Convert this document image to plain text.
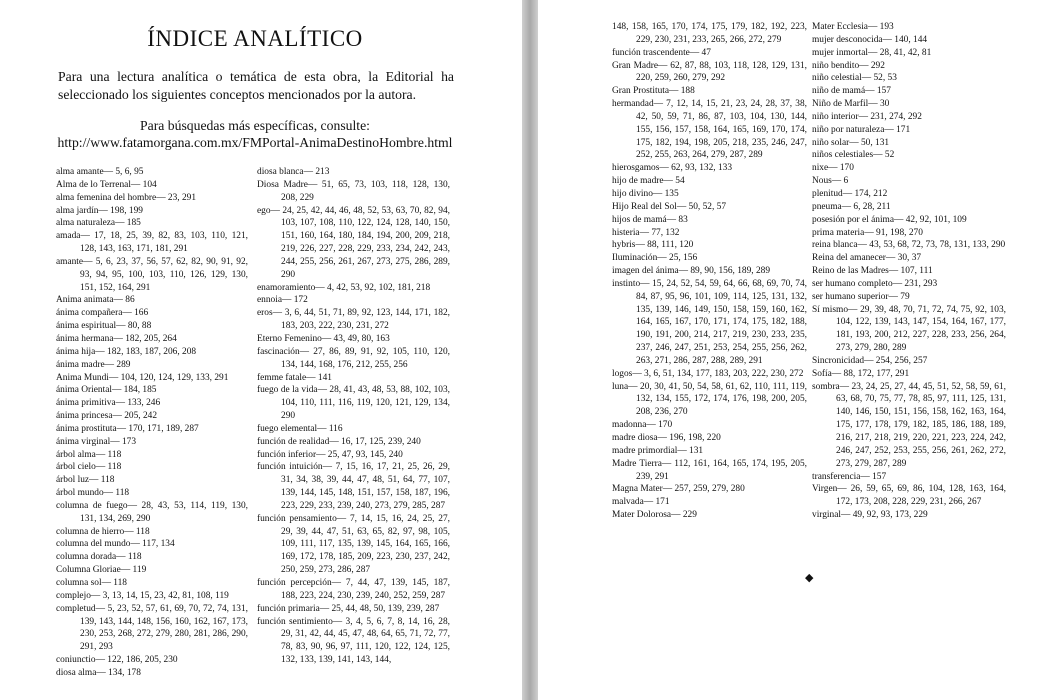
ÍNDICE ANALÍTICO
Para una lectura analítica o temática de esta obra, la Editorial ha seleccionado los siguientes conceptos mencionados por la autora.
Para búsquedas más específicas, consulte:
http://www.fatamorgana.com.mx/FMPortal-AnimaDestinoHombre.html
alma amante— 5, 6, 95
Alma de lo Terrenal— 104
alma femenina del hombre— 23, 291
alma jardín— 198, 199
alma naturaleza— 185
amada— 17, 18, 25, 39, 82, 83, 103, 110, 121, 128, 143, 163, 171, 181, 291
amante— 5, 6, 23, 37, 56, 57, 62, 82, 90, 91, 92, 93, 94, 95, 100, 103, 110, 126, 129, 130, 151, 152, 164, 291
Anima animata— 86
ánima compañera— 166
ánima espiritual— 80, 88
ánima hermana— 182, 205, 264
ánima hija— 182, 183, 187, 206, 208
ánima madre— 289
Anima Mundi— 104, 120, 124, 129, 133, 291
ánima Oriental— 184, 185
ánima primitiva— 133, 246
ánima princesa— 205, 242
ánima prostituta— 170, 171, 189, 287
ánima virginal— 173
árbol alma— 118
árbol cielo— 118
árbol luz— 118
árbol mundo— 118
columna de fuego— 28, 43, 53, 114, 119, 130, 131, 134, 269, 290
columna de hierro— 118
columna del mundo— 117, 134
columna dorada— 118
Columna Gloriae— 119
columna sol— 118
complejo— 3, 13, 14, 15, 23, 42, 81, 108, 119
completud— 5, 23, 52, 57, 61, 69, 70, 72, 74, 131, 139, 143, 144, 148, 156, 160, 162, 167, 173, 230, 253, 268, 272, 279, 280, 281, 286, 290, 291, 293
coniunctio— 122, 186, 205, 230
diosa alma— 134, 178
diosa blanca— 213
Diosa Madre— 51, 65, 73, 103, 118, 128, 130, 208, 229
ego— 24, 25, 42, 44, 46, 48, 52, 53, 63, 70, 82, 94, 103, 107, 108, 110, 122, 124, 128, 140, 150, 151, 160, 164, 180, 184, 194, 200, 209, 218, 219, 226, 227, 228, 229, 233, 234, 242, 243, 244, 255, 256, 261, 267, 273, 275, 286, 289, 290
enamoramiento— 4, 42, 53, 92, 102, 181, 218
ennoia— 172
eros— 3, 6, 44, 51, 71, 89, 92, 123, 144, 171, 182, 183, 203, 222, 230, 231, 272
Eterno Femenino— 43, 49, 80, 163
fascinación— 27, 86, 89, 91, 92, 105, 110, 120, 134, 144, 168, 176, 212, 255, 256
femme fatale— 141
fuego de la vida— 28, 41, 43, 48, 53, 88, 102, 103, 104, 110, 111, 116, 119, 120, 121, 129, 134, 290
fuego elemental— 116
función de realidad— 16, 17, 125, 239, 240
función inferior— 25, 47, 93, 145, 240
función intuición— 7, 15, 16, 17, 21, 25, 26, 29, 31, 34, 38, 39, 44, 47, 48, 51, 64, 77, 107, 139, 144, 145, 148, 151, 157, 158, 187, 196, 223, 229, 233, 239, 240, 273, 279, 285, 287
función pensamiento— 7, 14, 15, 16, 24, 25, 27, 29, 39, 44, 47, 51, 63, 65, 82, 97, 98, 105, 109, 111, 117, 135, 139, 145, 164, 165, 166, 169, 172, 178, 185, 209, 223, 230, 237, 242, 250, 259, 273, 286, 287
función percepción— 7, 44, 47, 139, 145, 187, 188, 223, 224, 230, 239, 240, 252, 259, 287
función primaria— 25, 44, 48, 50, 139, 239, 287
función sentimiento— 3, 4, 5, 6, 7, 8, 14, 16, 28, 29, 31, 42, 44, 45, 47, 48, 64, 65, 71, 72, 77, 78, 83, 90, 96, 97, 111, 120, 122, 124, 125, 132, 133, 139, 141, 143, 144,
148, 158, 165, 170, 174, 175, 179, 182, 192, 223, 229, 230, 231, 233, 265, 266, 272, 279
función trascendente— 47
Gran Madre— 62, 87, 88, 103, 118, 128, 129, 131, 220, 259, 260, 279, 292
Gran Prostituta— 188
hermandad— 7, 12, 14, 15, 21, 23, 24, 28, 37, 38, 42, 50, 59, 71, 86, 87, 103, 104, 130, 144, 155, 156, 157, 158, 164, 165, 169, 170, 174, 175, 182, 194, 198, 205, 218, 235, 246, 247, 252, 255, 263, 264, 279, 287, 289
hierosgamos— 62, 93, 132, 133
hijo de madre— 54
hijo divino— 135
Hijo Real del Sol— 50, 52, 57
hijos de mamá— 83
histeria— 77, 132
hybris— 88, 111, 120
Iluminación— 25, 156
imagen del ánima— 89, 90, 156, 189, 289
instinto— 15, 24, 52, 54, 59, 64, 66, 68, 69, 70, 74, 84, 87, 95, 96, 101, 109, 114, 125, 131, 132, 135, 139, 146, 149, 150, 158, 159, 160, 162, 164, 165, 167, 170, 171, 174, 175, 182, 188, 190, 191, 200, 214, 217, 219, 230, 233, 235, 237, 246, 247, 251, 253, 254, 255, 256, 262, 263, 271, 286, 287, 288, 289, 291
logos— 3, 6, 51, 134, 177, 183, 203, 222, 230, 272
luna— 20, 30, 41, 50, 54, 58, 61, 62, 110, 111, 119, 132, 134, 155, 172, 174, 176, 198, 200, 205, 208, 236, 270
madonna— 170
madre diosa— 196, 198, 220
madre primordial— 131
Madre Tierra— 112, 161, 164, 165, 174, 195, 205, 239, 291
Magna Mater— 257, 259, 279, 280
malvada— 171
Mater Dolorosa— 229
Mater Ecclesia— 193
mujer desconocida— 140, 144
mujer inmortal— 28, 41, 42, 81
niño bendito— 292
niño celestial— 52, 53
niño de mamá— 157
Niño de Marfil— 30
niño interior— 231, 274, 292
niño por naturaleza— 171
niño solar— 50, 131
niños celestiales— 52
nixe— 170
Nous— 6
plenitud— 174, 212
pneuma— 6, 28, 211
posesión por el ánima— 42, 92, 101, 109
prima materia— 91, 198, 270
reina blanca— 43, 53, 68, 72, 73, 78, 131, 133, 290
Reina del amanecer— 30, 37
Reino de las Madres— 107, 111
ser humano completo— 231, 293
ser humano superior— 79
Sí mismo— 29, 39, 48, 70, 71, 72, 74, 75, 92, 103, 104, 122, 139, 143, 147, 154, 164, 167, 177, 181, 193, 200, 212, 227, 228, 233, 256, 264, 273, 279, 280, 289
Sincronicidad— 254, 256, 257
Sofía— 88, 172, 177, 291
sombra— 23, 24, 25, 27, 44, 45, 51, 52, 58, 59, 61, 63, 68, 70, 75, 77, 78, 85, 97, 111, 125, 131, 140, 146, 150, 151, 156, 158, 162, 163, 164, 175, 177, 178, 179, 182, 185, 186, 188, 189, 216, 217, 218, 219, 220, 221, 223, 224, 242, 246, 247, 252, 253, 255, 256, 261, 262, 272, 273, 279, 287, 289
transferencia— 157
Virgen— 26, 59, 65, 69, 86, 104, 128, 163, 164, 172, 173, 208, 228, 229, 231, 266, 267
virginal— 49, 92, 93, 173, 229
◆
